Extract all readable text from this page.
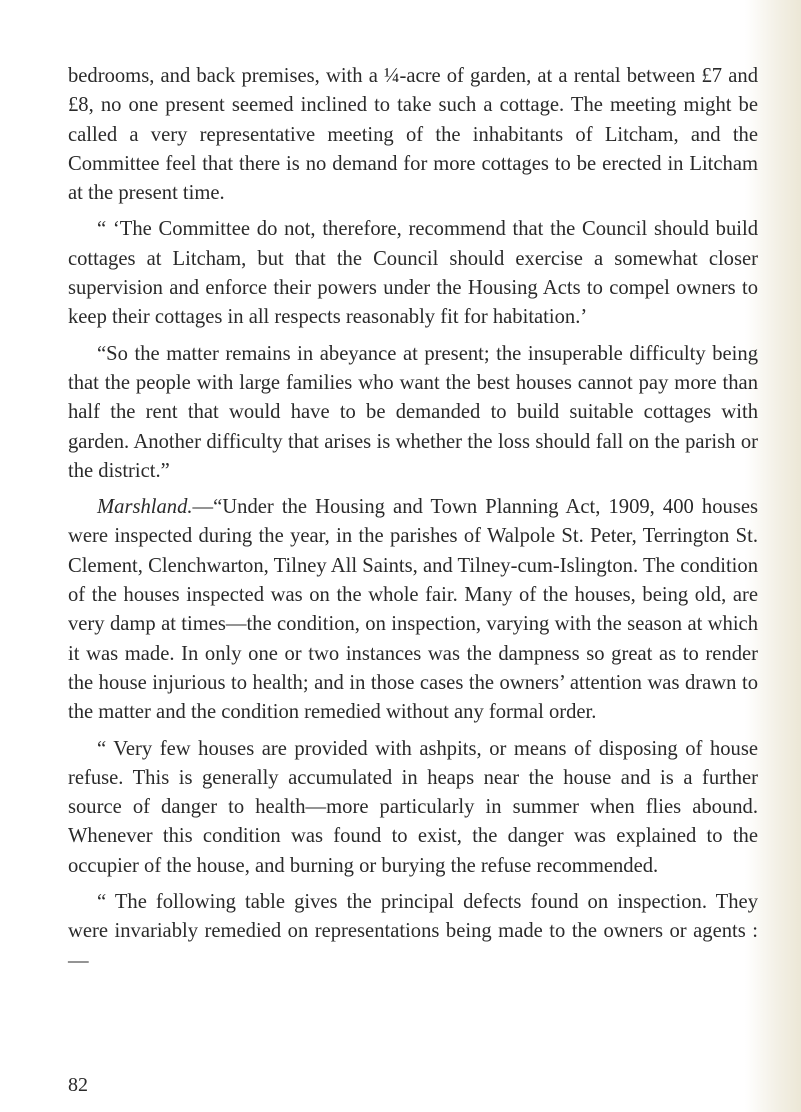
bedrooms, and back premises, with a ¼-acre of garden, at a rental between £7 and £8, no one present seemed inclined to take such a cottage. The meeting might be called a very representative meeting of the inhabitants of Litcham, and the Committee feel that there is no demand for more cottages to be erected in Litcham at the present time.

“ ‘The Committee do not, therefore, recommend that the Council should build cottages at Litcham, but that the Council should exercise a somewhat closer supervision and enforce their powers under the Housing Acts to compel owners to keep their cottages in all respects reasonably fit for habitation.’

“So the matter remains in abeyance at present; the insuperable difficulty being that the people with large families who want the best houses cannot pay more than half the rent that would have to be demanded to build suitable cottages with garden. Another difficulty that arises is whether the loss should fall on the parish or the district.”

Marshland.—“Under the Housing and Town Planning Act, 1909, 400 houses were inspected during the year, in the parishes of Walpole St. Peter, Terrington St. Clement, Clenchwarton, Tilney All Saints, and Tilney-cum-Islington. The condition of the houses inspected was on the whole fair. Many of the houses, being old, are very damp at times—the condition, on inspection, varying with the season at which it was made. In only one or two instances was the dampness so great as to render the house injurious to health; and in those cases the owners’ attention was drawn to the matter and the condition remedied without any formal order.

“ Very few houses are provided with ashpits, or means of disposing of house refuse. This is generally accumulated in heaps near the house and is a further source of danger to health—more particularly in summer when flies abound. Whenever this condition was found to exist, the danger was explained to the occupier of the house, and burning or burying the refuse recommended.

“ The following table gives the principal defects found on inspection. They were invariably remedied on representations being made to the owners or agents :—

82
